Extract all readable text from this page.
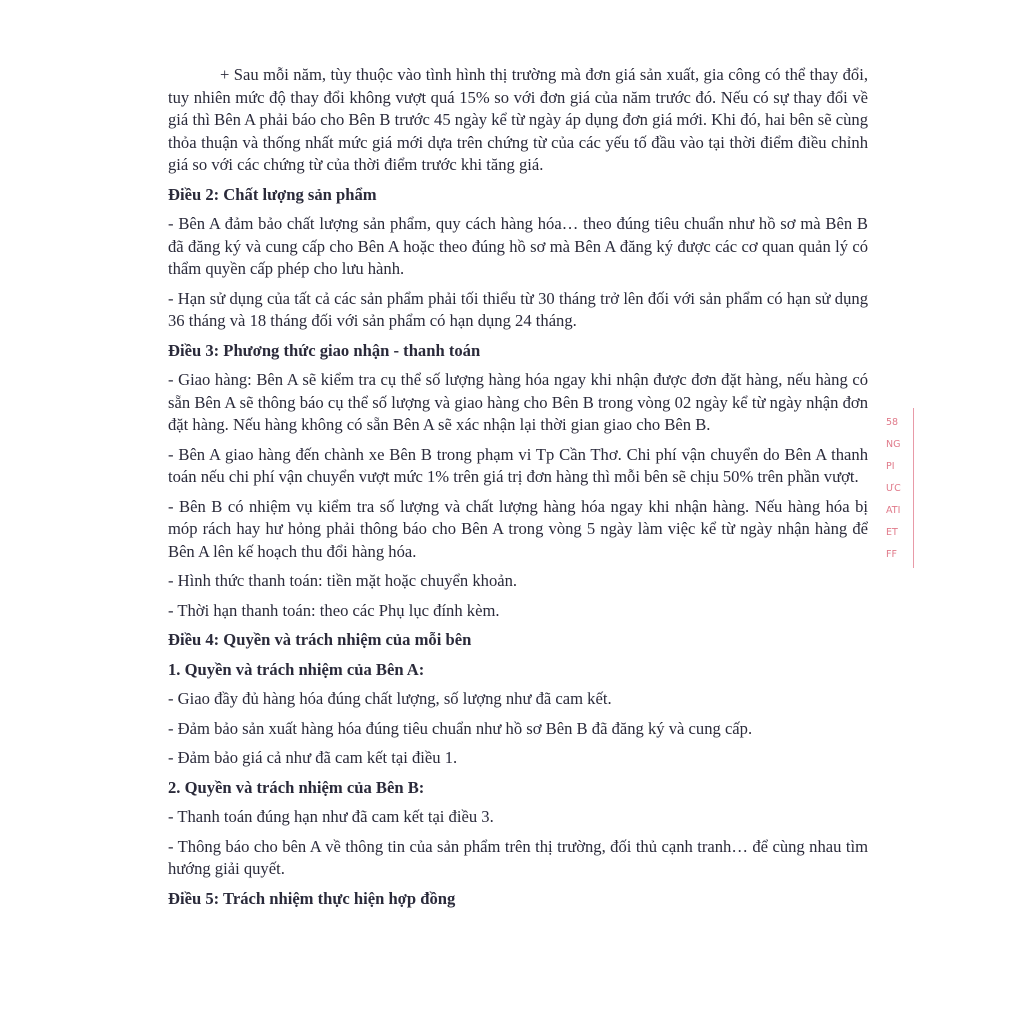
+ Sau mỗi năm, tùy thuộc vào tình hình thị trường mà đơn giá sản xuất, gia công có thể thay đổi, tuy nhiên mức độ thay đổi không vượt quá 15% so với đơn giá của năm trước đó. Nếu có sự thay đổi về giá thì Bên A phải báo cho Bên B trước 45 ngày kể từ ngày áp dụng đơn giá mới. Khi đó, hai bên sẽ cùng thỏa thuận và thống nhất mức giá mới dựa trên chứng từ của các yếu tố đầu vào tại thời điểm điều chỉnh giá so với các chứng từ của thời điểm trước khi tăng giá.

Điều 2: Chất lượng sản phẩm

- Bên A đảm bảo chất lượng sản phẩm, quy cách hàng hóa… theo đúng tiêu chuẩn như hồ sơ mà Bên B đã đăng ký và cung cấp cho Bên A hoặc theo đúng hồ sơ mà Bên A đăng ký được các cơ quan quản lý có thẩm quyền cấp phép cho lưu hành.

- Hạn sử dụng của tất cả các sản phẩm phải tối thiểu từ 30 tháng trở lên đối với sản phẩm có hạn sử dụng 36 tháng và 18 tháng đối với sản phẩm có hạn dụng 24 tháng.

Điều 3: Phương thức giao nhận - thanh toán

- Giao hàng: Bên A sẽ kiểm tra cụ thể số lượng hàng hóa ngay khi nhận được đơn đặt hàng, nếu hàng có sẵn Bên A sẽ thông báo cụ thể số lượng và giao hàng cho Bên B trong vòng 02 ngày kể từ ngày nhận đơn đặt hàng. Nếu hàng không có sẵn Bên A sẽ xác nhận lại thời gian giao cho Bên B.

- Bên A giao hàng đến chành xe Bên B trong phạm vi Tp Cần Thơ. Chi phí vận chuyển do Bên A thanh toán nếu chi phí vận chuyển vượt mức 1% trên giá trị đơn hàng thì mỗi bên sẽ chịu 50% trên phần vượt.

- Bên B có nhiệm vụ kiểm tra số lượng và chất lượng hàng hóa ngay khi nhận hàng. Nếu hàng hóa bị móp rách hay hư hỏng phải thông báo cho Bên A trong vòng 5 ngày làm việc kể từ ngày nhận hàng để Bên A lên kế hoạch thu đổi hàng hóa.

- Hình thức thanh toán: tiền mặt hoặc chuyển khoản.

- Thời hạn thanh toán: theo các Phụ lục đính kèm.

Điều 4: Quyền và trách nhiệm của mỗi bên
1. Quyền và trách nhiệm của Bên A:

- Giao đầy đủ hàng hóa đúng chất lượng, số lượng như đã cam kết.

- Đảm bảo sản xuất hàng hóa đúng tiêu chuẩn như hồ sơ Bên B đã đăng ký và cung cấp.

- Đảm bảo giá cả như đã cam kết tại điều 1.

2. Quyền và trách nhiệm của Bên B:

- Thanh toán đúng hạn như đã cam kết tại điều 3.

- Thông báo cho bên A về thông tin của sản phẩm trên thị trường, đối thủ cạnh tranh… để cùng nhau tìm hướng giải quyết.

Điều 5: Trách nhiệm thực hiện hợp đồng
58
NG
PI
ƯC
ATI
ET
FF
